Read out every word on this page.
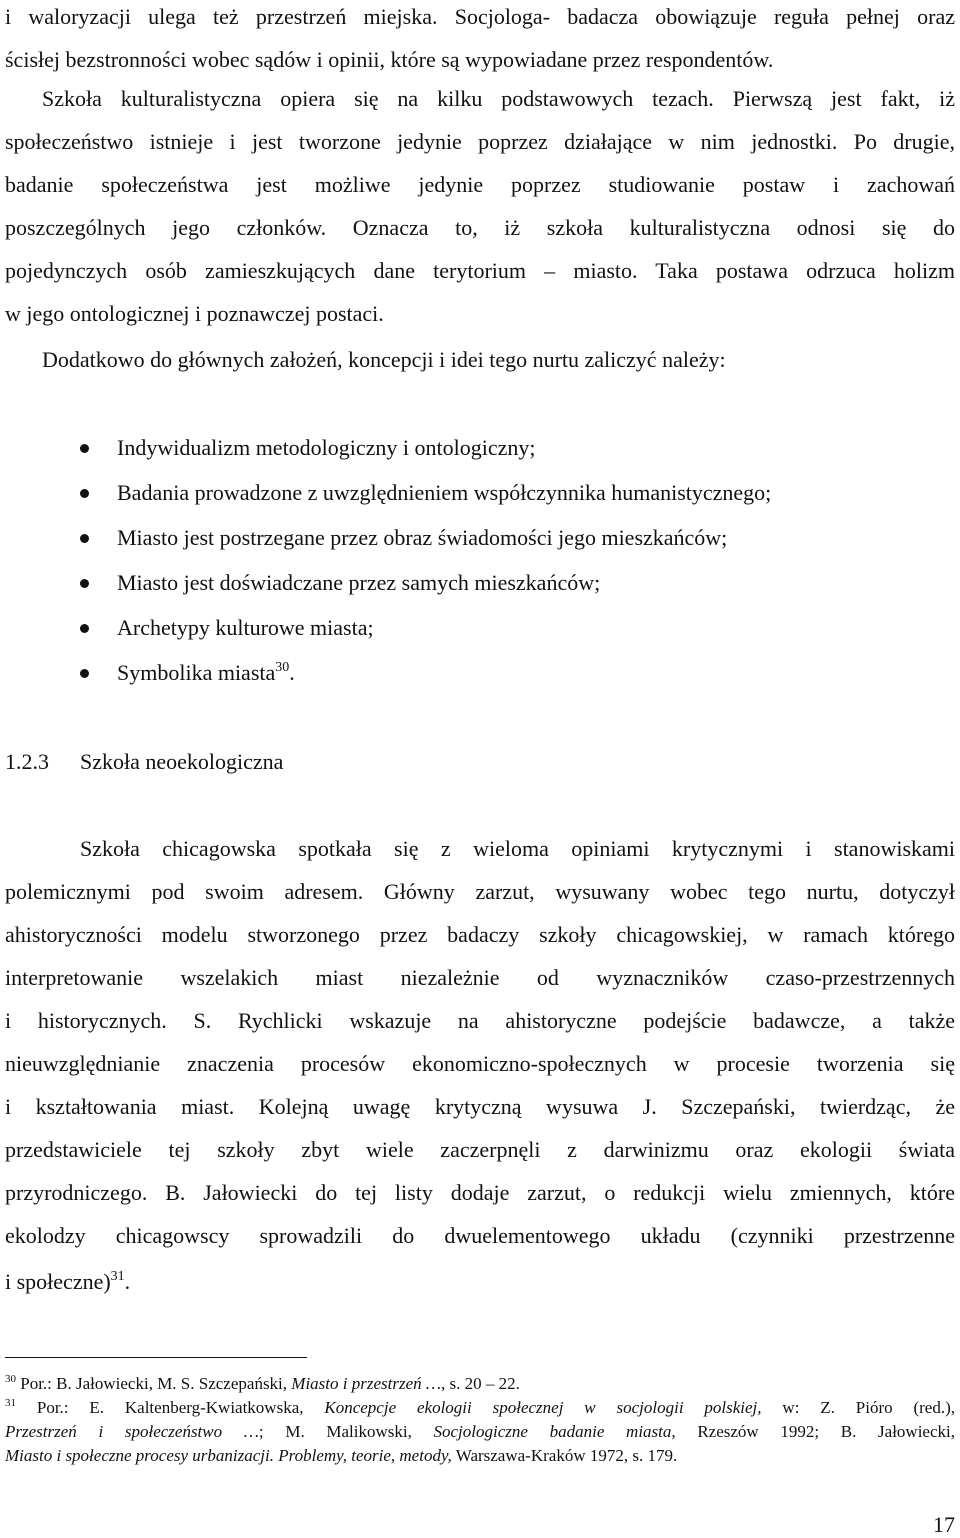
i waloryzacji ulega też przestrzeń miejska. Socjologa- badacza obowiązuje reguła pełnej oraz
ścisłej bezstronności wobec sądów i opinii, które są wypowiadane przez respondentów.
Szkoła kulturalistyczna opiera się na kilku podstawowych tezach. Pierwszą jest fakt, iż
społeczeństwo istnieje i jest tworzone jedynie poprzez działające w nim jednostki. Po drugie,
badanie społeczeństwa jest możliwe jedynie poprzez studiowanie postaw i zachowań
poszczególnych jego członków. Oznacza to, iż szkoła kulturalistyczna odnosi się do
pojedynczych osób zamieszkujących dane terytorium – miasto. Taka postawa odrzuca holizm
w jego ontologicznej i poznawczej postaci.
Dodatkowo do głównych założeń, koncepcji i idei tego nurtu zaliczyć należy:
Indywidualizm metodologiczny i ontologiczny;
Badania prowadzone z uwzględnieniem współczynnika humanistycznego;
Miasto jest postrzegane przez obraz świadomości jego mieszkańców;
Miasto jest doświadczane przez samych mieszkańców;
Archetypy kulturowe miasta;
Symbolika miasta$^{30}$.
1.2.3 Szkoła neoekologiczna
Szkoła chicagowska spotkała się z wieloma opiniami krytycznymi i stanowiskami
polemicznymi pod swoim adresem. Główny zarzut, wysuwany wobec tego nurtu, dotyczył
ahistoryczności modelu stworzonego przez badaczy szkoły chicagowskiej, w ramach którego
interpretowanie wszelakich miast niezależnie od wyznaczników czaso-przestrzennych
i historycznych. S. Rychlicki wskazuje na ahistoryczne podejście badawcze, a także
nieuwzględnianie znaczenia procesów ekonomiczno-społecznych w procesie tworzenia się
i kształtowania miast. Kolejną uwagę krytyczną wysuwa J. Szczepański, twierdząc, że
przedstawiciele tej szkoły zbyt wiele zaczerpnęli z darwinizmu oraz ekologii świata
przyrodniczego. B. Jałowiecki do tej listy dodaje zarzut, o redukcji wielu zmiennych, które
ekolodzy chicagowscy sprowadzili do dwuelementowego układu (czynniki przestrzenne
i społeczne)$^{31}$.
$^{30}$ Por.: B. Jałowiecki, M. S. Szczepański, Miasto i przestrzeń …, s. 20 – 22.
$^{31}$ Por.: E. Kaltenberg-Kwiatkowska, Koncepcje ekologii społecznej w socjologii polskiej, w: Z. Pióro (red.),
Przestrzeń i społeczeństwo …; M. Malikowski, Socjologiczne badanie miasta, Rzeszów 1992; B. Jałowiecki,
Miasto i społeczne procesy urbanizacji. Problemy, teorie, metody, Warszawa-Kraków 1972, s. 179.
17
